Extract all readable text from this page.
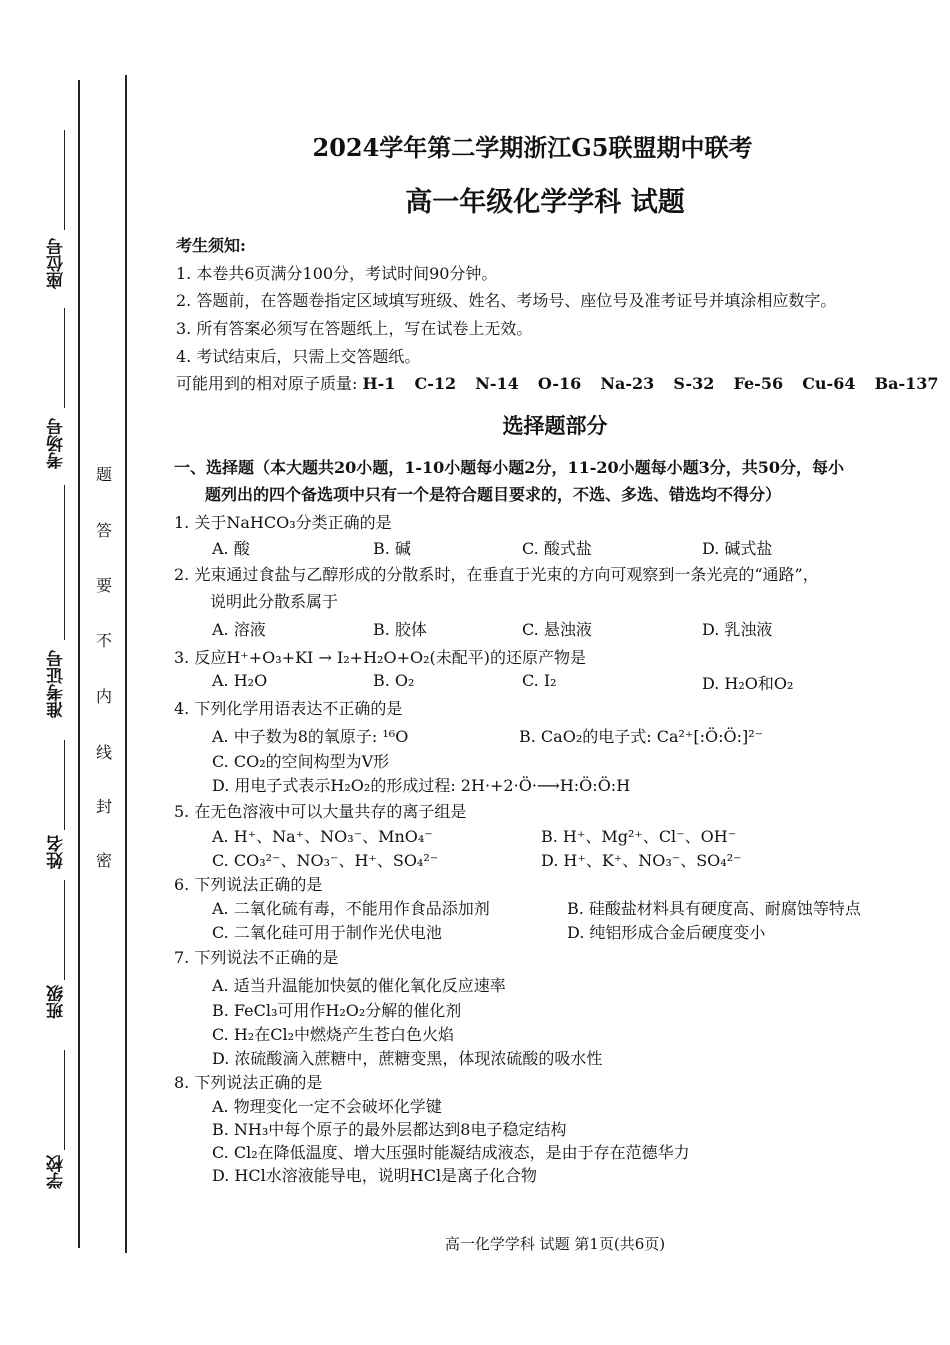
座位号
考场号
准考证号
姓名
班级
学校
题
答
要
不
内
线
封
密
2024学年第二学期浙江G5联盟期中联考
高一年级化学学科 试题
考生须知:
1. 本卷共6页满分100分，考试时间90分钟。
2. 答题前，在答题卷指定区域填写班级、姓名、考场号、座位号及准考证号并填涂相应数字。
3. 所有答案必须写在答题纸上，写在试卷上无效。
4. 考试结束后，只需上交答题纸。
可能用到的相对原子质量: H-1 C-12 N-14 O-16 Na-23 S-32 Fe-56 Cu-64 Ba-137
选择题部分
一、选择题（本大题共20小题，1-10小题每小题2分，11-20小题每小题3分，共50分，每小
题列出的四个备选项中只有一个是符合题目要求的，不选、多选、错选均不得分）
1. 关于NaHCO₃分类正确的是
A. 酸	B. 碱	C. 酸式盐	D. 碱式盐
2. 光束通过食盐与乙醇形成的分散系时，在垂直于光束的方向可观察到一条光亮的“通路”，
说明此分散系属于
A. 溶液	B. 胶体	C. 悬浊液	D. 乳浊液
3. 反应H⁺+O₃+KI → I₂+H₂O+O₂(未配平)的还原产物是
A. H₂O	B. O₂	C. I₂	D. H₂O和O₂
4. 下列化学用语表达不正确的是
A. 中子数为8的氧原子: ¹⁶O	B. CaO₂的电子式: Ca²⁺[:Ö:Ö:]²⁻
C. CO₂的空间构型为V形
D. 用电子式表示H₂O₂的形成过程: 2H·+2·Ö·⟶H:Ö:Ö:H
5. 在无色溶液中可以大量共存的离子组是
A. H⁺、Na⁺、NO₃⁻、MnO₄⁻	B. H⁺、Mg²⁺、Cl⁻、OH⁻
C. CO₃²⁻、NO₃⁻、H⁺、SO₄²⁻	D. H⁺、K⁺、NO₃⁻、SO₄²⁻
6. 下列说法正确的是
A. 二氧化硫有毒，不能用作食品添加剂	B. 硅酸盐材料具有硬度高、耐腐蚀等特点
C. 二氧化硅可用于制作光伏电池	D. 纯铝形成合金后硬度变小
7. 下列说法不正确的是
A. 适当升温能加快氨的催化氧化反应速率
B. FeCl₃可用作H₂O₂分解的催化剂
C. H₂在Cl₂中燃烧产生苍白色火焰
D. 浓硫酸滴入蔗糖中，蔗糖变黑，体现浓硫酸的吸水性
8. 下列说法正确的是
A. 物理变化一定不会破坏化学键
B. NH₃中每个原子的最外层都达到8电子稳定结构
C. Cl₂在降低温度、增大压强时能凝结成液态，是由于存在范德华力
D. HCl水溶液能导电，说明HCl是离子化合物
高一化学学科 试题 第1页(共6页)
